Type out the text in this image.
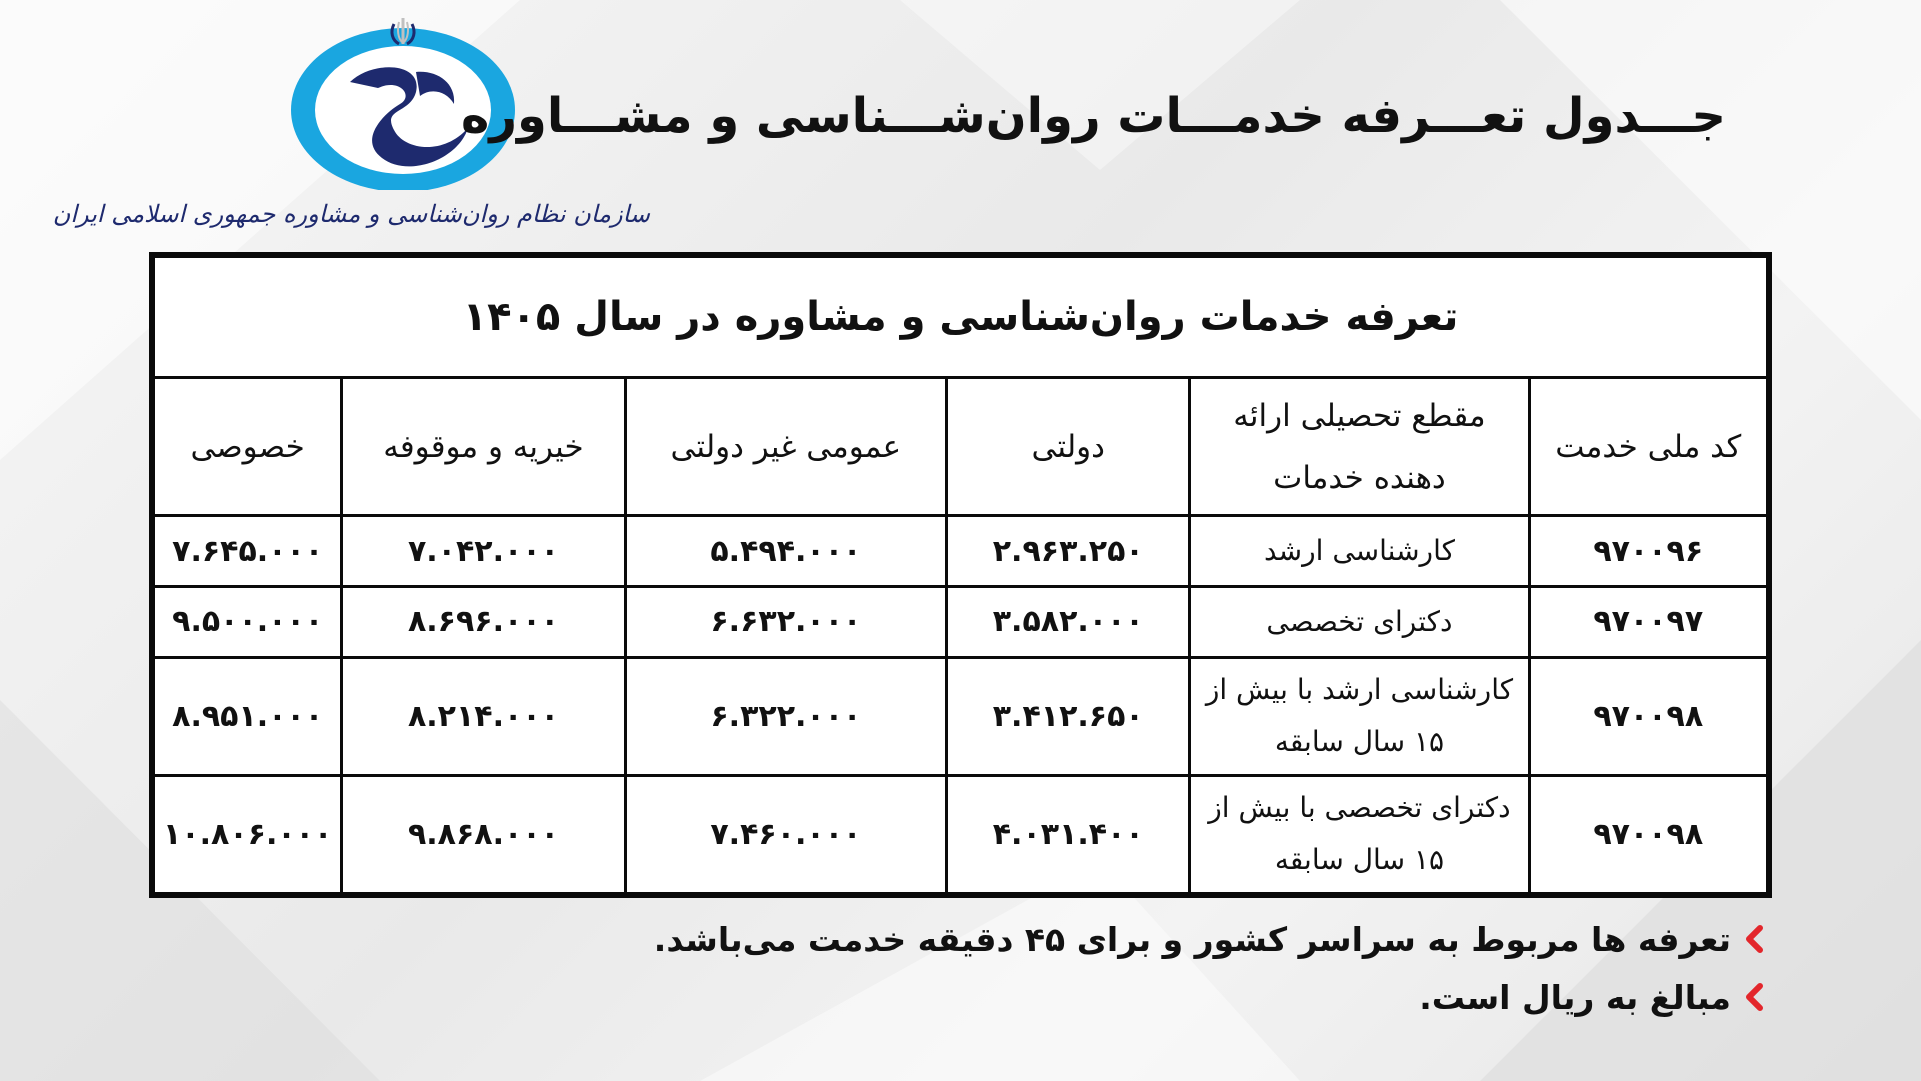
سازمان نظام روان‌شناسی و مشاوره جمهوری اسلامی ایران
جـــدول تعـــرفه خدمـــات روان‌شـــناسی و مشـــاوره
تعرفه خدمات روان‌شناسی و مشاوره در سال ۱۴۰۵					
کد ملی خدمت	مقطع تحصیلی ارائه دهنده خدمات	دولتی	عمومی غیر دولتی	خیریه و موقوفه	خصوصی
۹۷۰۰۹۶	کارشناسی ارشد	۲.۹۶۳.۲۵۰	۵.۴۹۴.۰۰۰	۷.۰۴۲.۰۰۰	۷.۶۴۵.۰۰۰
۹۷۰۰۹۷	دکترای تخصصی	۳.۵۸۲.۰۰۰	۶.۶۳۲.۰۰۰	۸.۶۹۶.۰۰۰	۹.۵۰۰.۰۰۰
۹۷۰۰۹۸	کارشناسی ارشد با بیش از ۱۵ سال سابقه	۳.۴۱۲.۶۵۰	۶.۳۲۲.۰۰۰	۸.۲۱۴.۰۰۰	۸.۹۵۱.۰۰۰
۹۷۰۰۹۸	دکترای تخصصی با بیش از ۱۵ سال سابقه	۴.۰۳۱.۴۰۰	۷.۴۶۰.۰۰۰	۹.۸۶۸.۰۰۰	۱۰.۸۰۶.۰۰۰
تعرفه ها مربوط به سراسر کشور و برای ۴۵ دقیقه خدمت می‌باشد.
مبالغ به ریال است.
